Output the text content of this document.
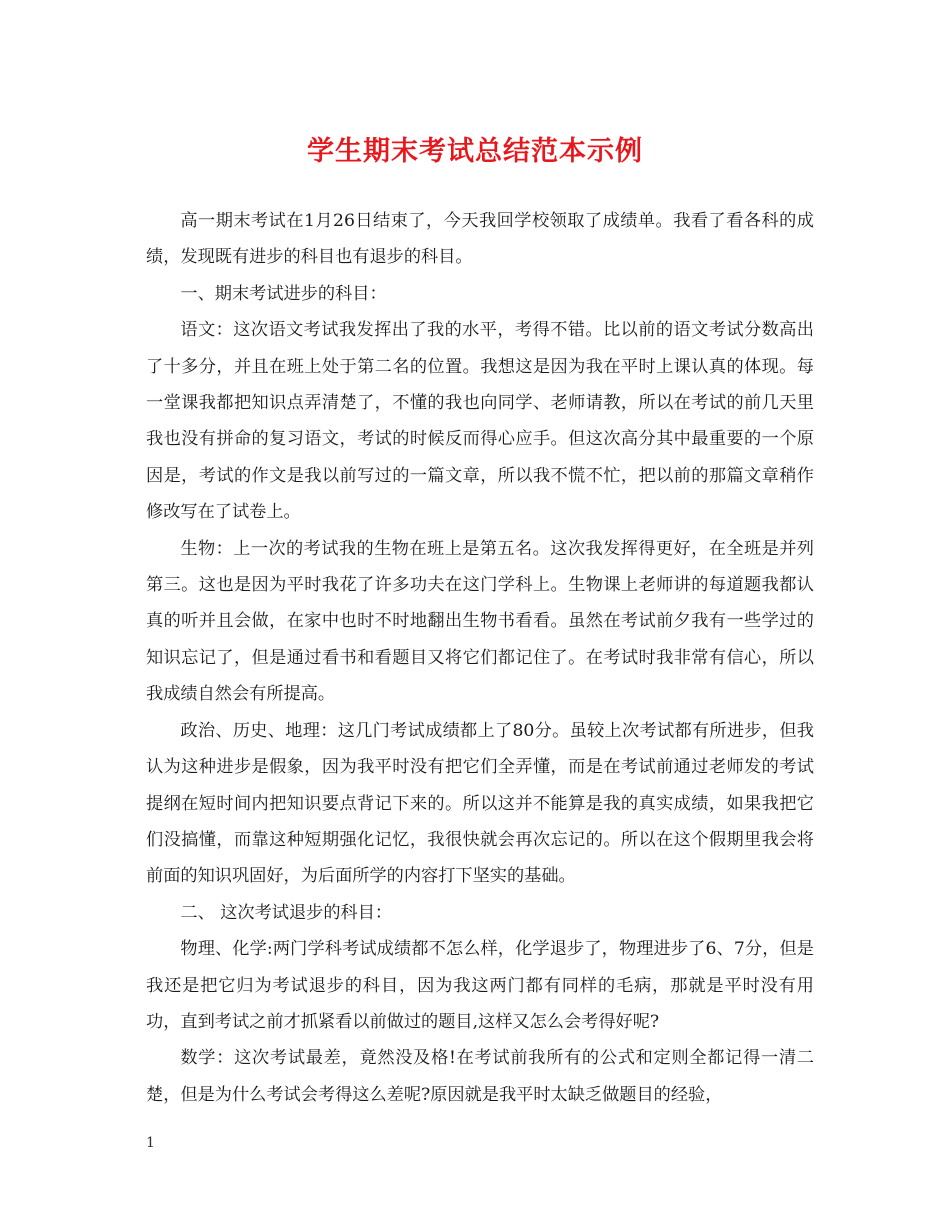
学生期末考试总结范本示例

高一期末考试在1月26日结束了，今天我回学校领取了成绩单。我看了看各科的成绩，发现既有进步的科目也有退步的科目。

一、期末考试进步的科目：

语文：这次语文考试我发挥出了我的水平，考得不错。比以前的语文考试分数高出了十多分，并且在班上处于第二名的位置。我想这是因为我在平时上课认真的体现。每一堂课我都把知识点弄清楚了，不懂的我也向同学、老师请教，所以在考试的前几天里我也没有拼命的复习语文，考试的时候反而得心应手。但这次高分其中最重要的一个原因是，考试的作文是我以前写过的一篇文章，所以我不慌不忙，把以前的那篇文章稍作修改写在了试卷上。

生物：上一次的考试我的生物在班上是第五名。这次我发挥得更好，在全班是并列第三。这也是因为平时我花了许多功夫在这门学科上。生物课上老师讲的每道题我都认真的听并且会做，在家中也时不时地翻出生物书看看。虽然在考试前夕我有一些学过的知识忘记了，但是通过看书和看题目又将它们都记住了。在考试时我非常有信心，所以我成绩自然会有所提高。

政治、历史、地理：这几门考试成绩都上了80分。虽较上次考试都有所进步，但我认为这种进步是假象，因为我平时没有把它们全弄懂，而是在考试前通过老师发的考试提纲在短时间内把知识要点背记下来的。所以这并不能算是我的真实成绩，如果我把它们没搞懂，而靠这种短期强化记忆，我很快就会再次忘记的。所以在这个假期里我会将前面的知识巩固好，为后面所学的内容打下坚实的基础。

二、 这次考试退步的科目：

物理、化学:两门学科考试成绩都不怎么样，化学退步了，物理进步了6、7分，但是我还是把它归为考试退步的科目，因为我这两门都有同样的毛病，那就是平时没有用功，直到考试之前才抓紧看以前做过的题目,这样又怎么会考得好呢?

数学：这次考试最差，竟然没及格!在考试前我所有的公式和定则全都记得一清二楚，但是为什么考试会考得这么差呢?原因就是我平时太缺乏做题目的经验，

1
